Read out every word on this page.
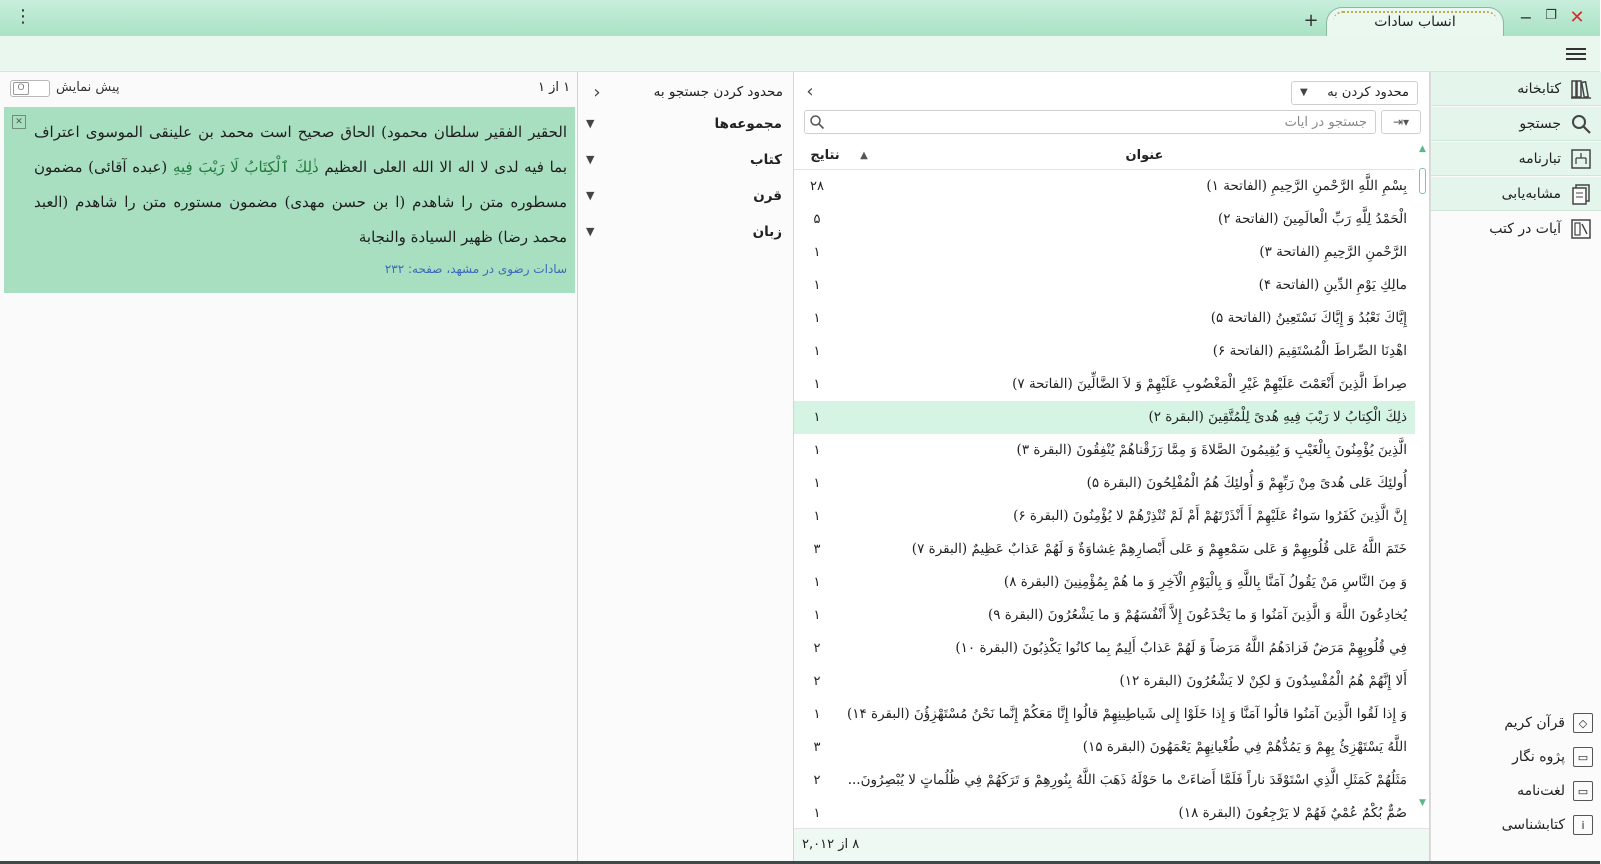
⋮	+	انساب سادات	− ❐ ✕
کتابخانه
جستجو
تبارنامه
مشابه‌یابی
آیات در کتب
◇
قرآن کریم
▭
پژوه نگار
▭
لغت‌نامه
i
کتابشناسی
‹	محدود کردن به
▼
جستجو در آیات
⇥▾
نتایج	▲	عنوان
بِسْمِ اللَّهِ الرَّحْمنِ الرَّحِيمِ (الفاتحة ۱)
۲۸
الْحَمْدُ لِلَّهِ رَبِّ الْعالَمِينَ (الفاتحة ۲)
۵
الرَّحْمنِ الرَّحِيمِ (الفاتحة ۳)
۱
مالِكِ يَوْمِ الدِّينِ (الفاتحة ۴)
۱
إِيَّاكَ نَعْبُدُ وَ إِيَّاكَ نَسْتَعِينُ (الفاتحة ۵)
۱
اهْدِنَا الصِّراطَ الْمُسْتَقِيمَ (الفاتحة ۶)
۱
صِراطَ الَّذِينَ أَنْعَمْتَ عَلَيْهِمْ غَيْرِ الْمَغْضُوبِ عَلَيْهِمْ وَ لاَ الضَّالِّينَ (الفاتحة ۷)
۱
ذلِكَ الْكِتابُ لا رَيْبَ فِيهِ هُدىً لِلْمُتَّقِينَ (البقرة ۲)
۱
الَّذِينَ يُؤْمِنُونَ بِالْغَيْبِ وَ يُقِيمُونَ الصَّلاةَ وَ مِمَّا رَزَقْناهُمْ يُنْفِقُونَ (البقرة ۳)
۱
أُولئِكَ عَلى هُدىً مِنْ رَبِّهِمْ وَ أُولئِكَ هُمُ الْمُفْلِحُونَ (البقرة ۵)
۱
إِنَّ الَّذِينَ كَفَرُوا سَواءٌ عَلَيْهِمْ أَ أَنْذَرْتَهُمْ أَمْ لَمْ تُنْذِرْهُمْ لا يُؤْمِنُونَ (البقرة ۶)
۱
خَتَمَ اللَّهُ عَلى قُلُوبِهِمْ وَ عَلى سَمْعِهِمْ وَ عَلى أَبْصارِهِمْ غِشاوَةٌ وَ لَهُمْ عَذابٌ عَظِيمٌ (البقرة ۷)
۳
وَ مِنَ النَّاسِ مَنْ يَقُولُ آمَنَّا بِاللَّهِ وَ بِالْيَوْمِ الْآخِرِ وَ ما هُمْ بِمُؤْمِنِينَ (البقرة ۸)
۱
يُخادِعُونَ اللَّهَ وَ الَّذِينَ آمَنُوا وَ ما يَخْدَعُونَ إِلاَّ أَنْفُسَهُمْ وَ ما يَشْعُرُونَ (البقرة ۹)
۱
فِي قُلُوبِهِمْ مَرَضٌ فَزادَهُمُ اللَّهُ مَرَضاً وَ لَهُمْ عَذابٌ أَلِيمٌ بِما كانُوا يَكْذِبُونَ (البقرة ۱۰)
۲
أَلا إِنَّهُمْ هُمُ الْمُفْسِدُونَ وَ لكِنْ لا يَشْعُرُونَ (البقرة ۱۲)
۲
وَ إِذا لَقُوا الَّذِينَ آمَنُوا قالُوا آمَنَّا وَ إِذا خَلَوْا إِلى شَياطِينِهِمْ قالُوا إِنَّا مَعَكُمْ إِنَّما نَحْنُ مُسْتَهْزِؤُنَ (البقرة ۱۴)
۱
اللَّهُ يَسْتَهْزِئُ بِهِمْ وَ يَمُدُّهُمْ فِي طُغْيانِهِمْ يَعْمَهُونَ (البقرة ۱۵)
۳
مَثَلُهُمْ كَمَثَلِ الَّذِي اسْتَوْقَدَ ناراً فَلَمَّا أَضاءَتْ ما حَوْلَهُ ذَهَبَ اللَّهُ بِنُورِهِمْ وَ تَرَكَهُمْ فِي ظُلُماتٍ لا يُبْصِرُونَ...
۲
صُمٌّ بُكْمٌ عُمْيٌ فَهُمْ لا يَرْجِعُونَ (البقرة ۱۸)
۱
▲
▼
۸ از ۲,۰۱۲
›	محدود کردن جستجو به
مجموعه‌ها
▼
کتاب
▼
قرن
▼
زبان
▼
O	پیش نمایش	۱ از ۱
✕
الحقیر الفقیر سلطان محمود) الحاق صحیح است محمد بن علینقی الموسوی اعتراف بما فیه لدی لا اله الا الله العلی العظیم ذٰلِكَ ٱلْكِتَابُ لَا رَيْبَ فِيهِ (عبده آقائی) مضمون مسطوره متن را شاهدم (ا بن حسن مهدی) مضمون مستوره متن را شاهدم (العبد محمد رضا) ظهیر السیادة والنجابة
سادات رضوی در مشهد، صفحه: ۲۳۲
